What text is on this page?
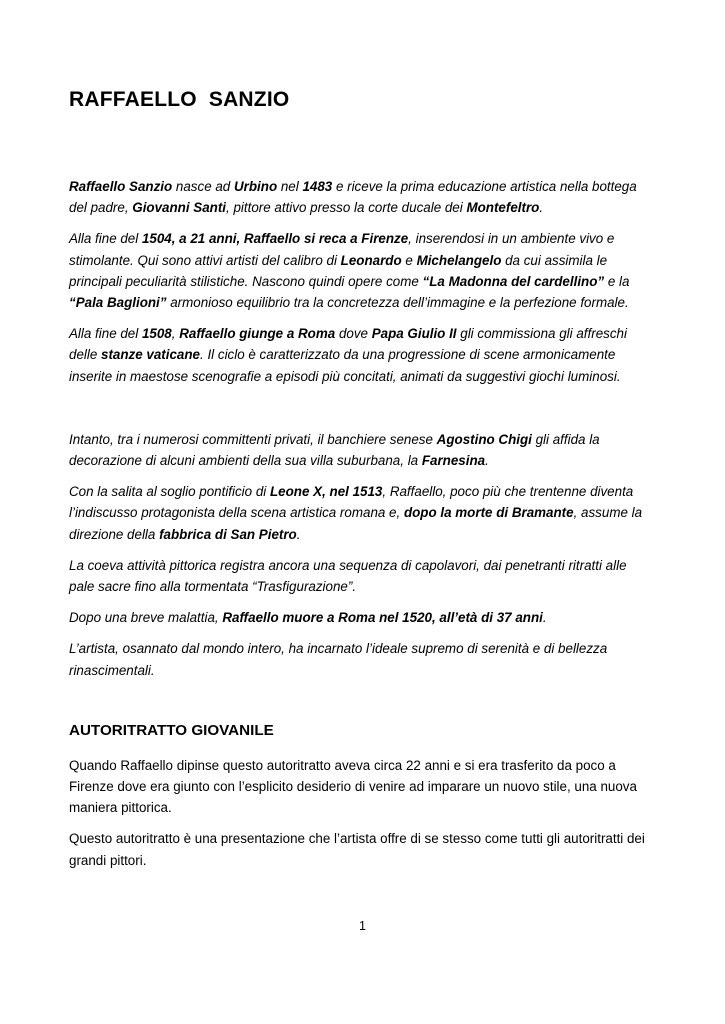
RAFFAELLO  SANZIO

Raffaello Sanzio nasce ad Urbino nel 1483 e riceve la prima educazione artistica nella bottega del padre, Giovanni Santi, pittore attivo presso la corte ducale dei Montefeltro.

Alla fine del 1504, a 21 anni, Raffaello si reca a Firenze, inserendosi in un ambiente vivo e stimolante. Qui sono attivi artisti del calibro di Leonardo e Michelangelo da cui assimila le principali peculiarità stilistiche. Nascono quindi opere come “La Madonna del cardellino” e la “Pala Baglioni” armonioso equilibrio tra la concretezza dell’immagine e la perfezione formale.

Alla fine del 1508, Raffaello giunge a Roma dove Papa Giulio II gli commissiona gli affreschi delle stanze vaticane. Il ciclo è caratterizzato da una progressione di scene armonicamente inserite in maestose scenografie a episodi più concitati, animati da suggestivi giochi luminosi.

Intanto, tra i numerosi committenti privati, il banchiere senese Agostino Chigi gli affida la decorazione di alcuni ambienti della sua villa suburbana, la Farnesina.

Con la salita al soglio pontificio di Leone X, nel 1513, Raffaello, poco più che trentenne diventa l’indiscusso protagonista della scena artistica romana e, dopo la morte di Bramante, assume la direzione della fabbrica di San Pietro.

La coeva attività pittorica registra ancora una sequenza di capolavori, dai penetranti ritratti alle pale sacre fino alla tormentata “Trasfigurazione”.

Dopo una breve malattia, Raffaello muore a Roma nel 1520, all’età di 37 anni.

L’artista, osannato dal mondo intero, ha incarnato l’ideale supremo di serenità e di bellezza rinascimentali.

AUTORITRATTO GIOVANILE

Quando Raffaello dipinse questo autoritratto aveva circa 22 anni e si era trasferito da poco a Firenze dove era giunto con l’esplicito desiderio di venire ad imparare un nuovo stile, una nuova maniera pittorica.

Questo autoritratto è una presentazione che l’artista offre di se stesso come tutti gli autoritratti dei grandi pittori.

1
